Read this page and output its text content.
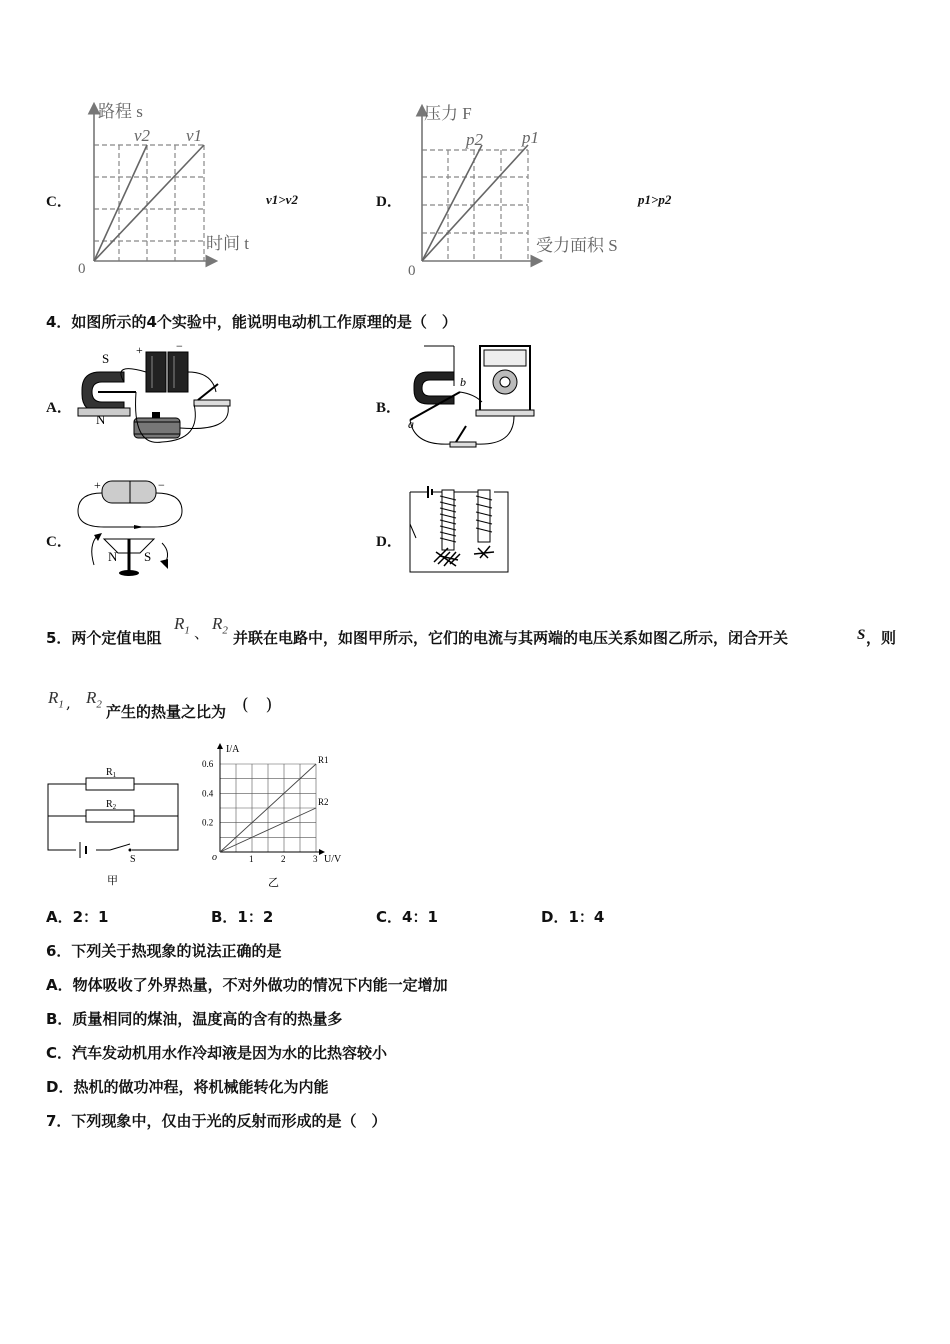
C．
路程 s
时间 t
v2 v1
0
v1>v2	D．
压力 F
受力面积 S
p2 p1
0
p1>p2
4．如图所示的4个实验中，能说明电动机工作原理的是（　）
A．
S
N
+	−
B．
a
b
C．
+	−
N S
D．
5．两个定值电阻
$R_1$ 、 $R_2$ 并联在电路中，如图甲所示，它们的电流与其两端的电压关系如图乙所示，闭合开关	S ，则
$R_1$ , $R_2$ 产生的热量之比为 (　)
$R_1$
$R_2$
S
甲
1	2	3
0.2
0.4
0.6	R1
R2
I/A
U/V
o
乙
A．2：1	B．1：2	C．4：1	D．1：4
6．下列关于热现象的说法正确的是
A．物体吸收了外界热量，不对外做功的情况下内能一定增加
B．质量相同的煤油，温度高的含有的热量多
C．汽车发动机用水作冷却液是因为水的比热容较小
D．热机的做功冲程，将机械能转化为内能
7．下列现象中，仅由于光的反射而形成的是（　）
